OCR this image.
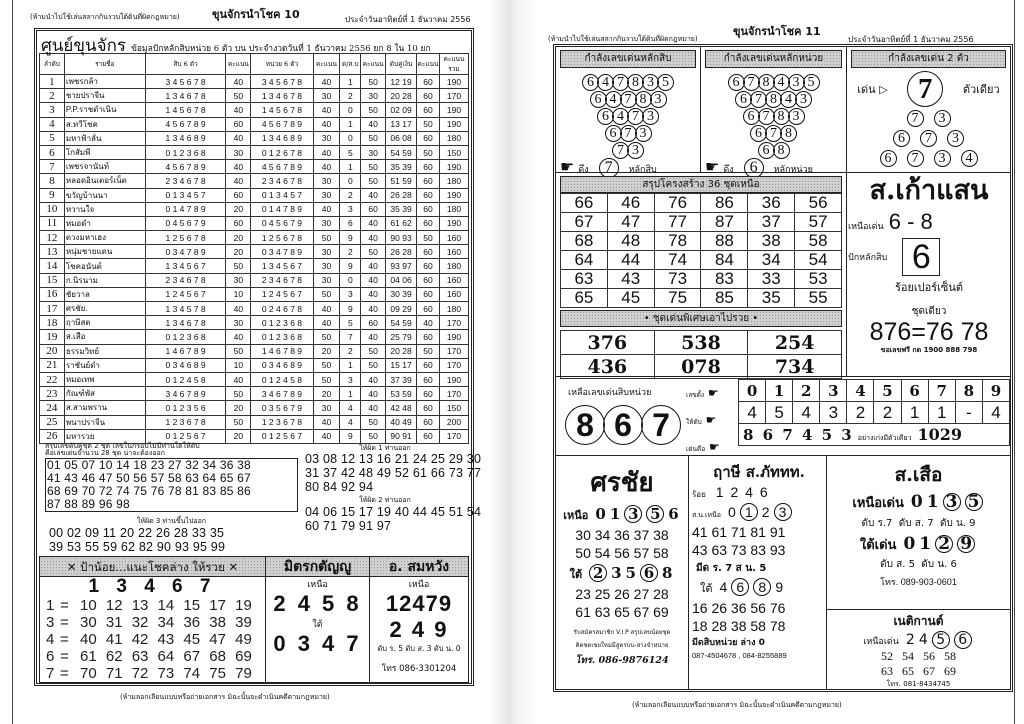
(ห้ามนำไปใช้เล่นสลากกินรวบใต้ดินที่ผิดกฎหมาย)	ขุนจักรนำโชค 10	ประจำวันอาทิตย์ที่ 1 ธันวาคม 2556
ศูนย์ขุนจักร ข้อมูลปักหลักสิบหน่วย 6 ตัว บน ประจำงวดวันที่ 1 ธันวาคม 2556 ยก 8 ใน 10 ยก
ลำดับ	รายชื่อ	สิบ 6 ตัว	คะแนน	หน่วย 6 ตัว	คะแนน	ด/ส.บ	คะแนน	ดับคู่เงิน	คะแนน	คะแนนรวม
1	เพชรกล้า	3 4 5 6 7 8	40	3 4 5 6 7 8	40	1	50	12 19	60	190
2	ชายปราจีน	1 3 4 6 7 8	50	1 3 4 6 7 8	30	2	30	20 28	60	170
3	P.P.ราชดำเนิน	1 4 5 6 7 8	40	1 4 5 6 7 8	40	0	50	02 09	60	190
4	ส.ทวีโชค	4 5 6 7 8 9	60	4 5 6 7 8 9	40	1	40	13 17	50	190
5	มหาฟ้าลั่น	1 3 4 6 8 9	40	1 3 4 6 8 9	30	0	50	06 08	60	180
6	โกสัมพี	0 1 2 3 6 8	30	0 1 2 6 7 8	40	5	30	54 59	50	150
7	เพชรจานันท์	4 5 6 7 8 9	40	4 5 6 7 8 9	40	1	50	35 39	60	190
8	หลอดอินเตอร์เน็ต	2 3 4 6 7 8	40	2 3 4 6 7 8	30	0	50	51 59	60	180
9	ขวัญบ้านนา	0 1 3 4 5 7	60	0 1 3 4 5 7	30	2	40	26 28	60	190
10	หวานใจ	0 1 4 7 8 9	20	0 1 4 7 8 9	40	3	60	35 39	60	180
11	หมอดำ	0 4 5 6 7 9	60	0 4 5 6 7 9	30	6	40	61 62	60	190
12	ดวงมหาเฮง	1 2 5 6 7 8	20	1 2 5 6 7 8	50	9	40	90 93	50	160
13	หนุ่มชายแดน	0 3 4 7 8 9	20	0 3 4 7 8 9	30	2	50	26 28	60	160
14	โชคอนันต์	1 3 4 5 6 7	50	1 3 4 5 6 7	30	9	40	93 97	60	180
15	ก.นิรนาม	2 3 4 6 7 8	30	2 3 4 6 7 8	30	0	40	04 06	60	160
16	ชัยวาล	1 2 4 5 6 7	10	1 2 4 5 6 7	50	3	40	30 39	60	160
17	ศรชัย.	1 3 4 5 7 8	40	0 2 4 6 7 8	40	9	40	09 29	60	180
18	ฤาษีสด	1 3 4 6 7 8	30	0 1 2 3 6 8	40	5	60	54 59	40	170
19	ส.เสือ	0 1 2 3 6 8	40	0 1 2 3 6 8	50	7	40	25 79	60	190
20	ธรรมวิทย์	1 4 6 7 8 9	50	1 4 6 7 8 9	20	2	50	20 28	50	170
21	ราชันย์ดำ	0 3 4 6 8 9	10	0 3 4 6 8 9	50	1	50	15 17	60	170
22	หมอเทพ	0 1 2 4 5 8	40	0 1 2 4 5 8	50	3	40	37 39	60	190
23	กัณฑ์พัส	3 4 6 7 8 9	50	3 4 6 7 8 9	20	1	40	53 59	60	170
24	ส.สามพราน	0 1 2 3 5 6	20	0 3 5 6 7 9	30	4	40	42 48	60	150
25	พนาปราจีน	1 2 3 6 7 8	50	1 2 3 6 7 8	40	4	50	40 49	60	200
26	มหารวย	0 1 2 5 6 7	20	0 1 2 5 6 7	40	9	50	90 91	60	170
สรุปเลขดับคู่ชุด 2 ชุด เลขในกรอบไม่มีท่านใดให้ดับ
คือเลขเด่นจำนวน 28 ชุด น่าจะต้องออก
01 05 07 10 14 18 23 27 32 34 36 38
41 43 46 47 50 56 57 58 63 64 65 67
68 69 70 72 74 75 76 78 81 83 85 86
87 88 89 96 98
ให้ผิด 3 ท่านขึ้นไปออก
00 02 09 11 20 22 26 28 33 35
39 53 55 59 62 82 90 93 95 99
ให้ผิด 1 ท่านออก
03 08 12 13 16 21 24 25 29 30
31 37 42 48 49 52 61 66 73 77
80 84 92 94
ให้ผิด 2 ท่านออก
04 06 15 17 19 40 44 45 51 54
60 71 79 91 97
✕ ป้าน้อย...แนะโชคล่าง ให้รวย ✕
1 3 4 6 7
1 = 10 12 13 14 15 17 19
3 = 30 31 32 34 36 38 39
4 = 40 41 42 43 45 47 49
6 = 61 62 63 64 67 68 69
7 = 70 71 72 73 74 75 79
มิตรกตัญญู
เหนือ
2 4 5 8
ใต้
0 3 4 7
อ. สมหวัง
เหนือ
12479
2 4 9
ดับ ร. 5 ดับ ส. 3 ดับ น. 0
โทร 086-3301204
(ห้ามลอกเลียนแบบหรือถ่ายเอกสาร มิฉะนั้นจะดำเนินคดีตามกฎหมาย)
(ห้ามนำไปใช้เล่นสลากกินรวบใต้ดินที่ผิดกฎหมาย)
ขุนจักรนำโชค 11
ประจำวันอาทิตย์ที่ 1 ธันวาคม 2556
กำลังเลขเด่นหลักสิบ
6 4 7 8 3 5
6 4 7 8 3
6 4 7 3
6 7 3
7 3
☛ ดึง 7 หลักสิบ
กำลังเลขเด่นหลักหน่วย
6 7 8 4 3 5
6 7 8 4 3
6 7 8 3
6 7 8
6 8
☛ ดึง 6 หลักหน่วย
กำลังเลขเด่น 2 ตัว
เด่น ▷	7	ตัวเดียว
7 3
6 7 3
6 7 3 4
สรุปโครงสร้าง 36 ชุดเหนือ
66	46	76	86	36	56
67	47	77	87	37	57
68	48	78	88	38	58
64	44	74	84	34	54
63	43	73	83	33	53
65	45	75	85	35	55
• ชุดเด่นพิเศษเอาไปรวย •
376	538	254
436	078	734
ส.เก้าแสน
เหนือเด่น 6 - 8
ปักหลักสิบ 6
ร้อยเปอร์เซ็นต์
ชุดเดียว
876=76 78
ขอเลขฟรี กด 1900 888 798
เหลือเลขเด่นสิบหน่วย
8 6 7
เลขตั้ง ☛
ให้ดับ ☛
เด่นคือ ☛
0	1	2	3	4	5	6	7	8	9
4	5	4	3	2	2	1	1	-	4
8 6 7 4 5 3 อย่างเก่งมีตัวเดียว 1029									
ศรชัย
เหนือ 0 1 3 5 6
30 34 36 37 38
50 54 56 57 58
ใต้ 2 3 5 6 8
23 25 26 27 28
61 63 65 67 69
รับสมัครสมาชิก V.I.P สรุปเลขน้อยชุด
ติดชดเชยใหม่มีสูตรบน-ล่างจำหน่าย
โทร. 086-9876124
ฤาษี ส.ภัททท.
ร้อย 1 2 4 6
ส.น.เหนือ 0 1 2 3
41 61 71 81 91
43 63 73 83 93
มีด ร. 7 ส น. 5
ใต้ 4 6 8 9
16 26 36 56 76
18 28 38 58 78
มีดสิบหน่วย ล่าง 0
087-4504678 , 084-8255889
ส.เสือ
เหนือเด่น 0 1 3 5
ดับ ร.7  ดับ ส. 7  ดับ น. 9
ใต้เด่น 0 1 2 9
ดับ ส. 5  ดับ น. 6
โทร. 089-903-0601
เนติกานต์
เหนือเด่น 2 4 5 6
52 54 56 58
63 65 67 69
โทร. 081-8434745
(ห้ามลอกเลียนแบบหรือถ่ายเอกสาร มิฉะนั้นจะดำเนินคดีตามกฎหมาย)
